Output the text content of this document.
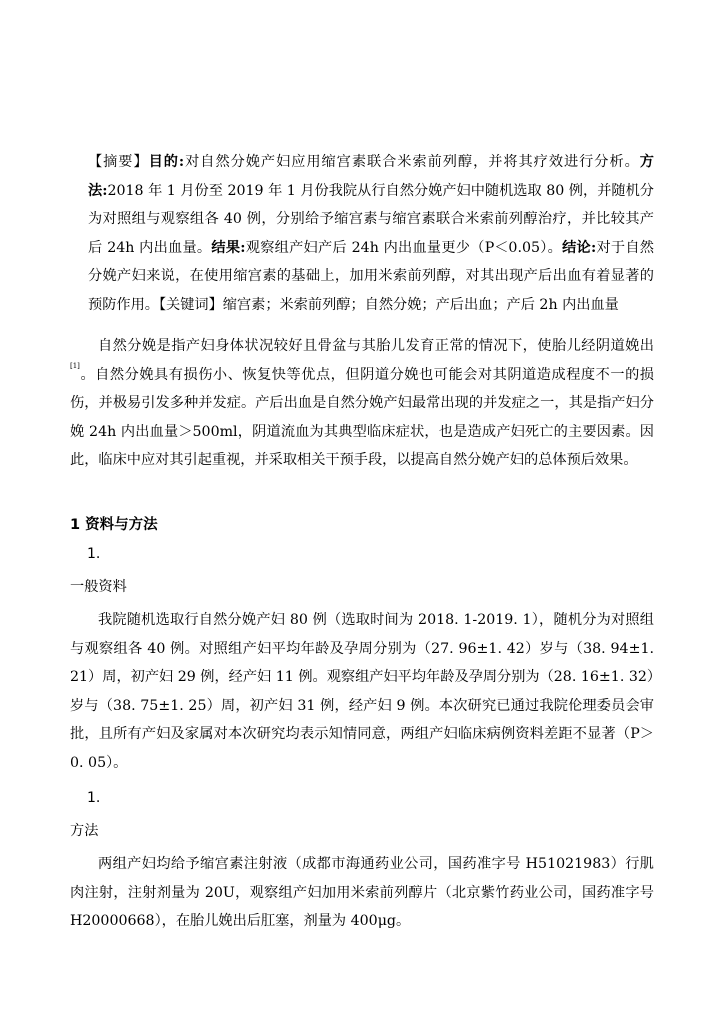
【摘要】目的:对自然分娩产妇应用缩宫素联合米索前列醇，并将其疗效进行分析。方法:2018 年 1 月份至 2019 年 1 月份我院从行自然分娩产妇中随机选取 80 例，并随机分为对照组与观察组各 40 例，分别给予缩宫素与缩宫素联合米索前列醇治疗，并比较其产后 24h 内出血量。结果:观察组产妇产后 24h 内出血量更少（P＜0.05）。结论:对于自然分娩产妇来说，在使用缩宫素的基础上，加用米索前列醇，对其出现产后出血有着显著的预防作用。【关键词】缩宫素；米索前列醇；自然分娩；产后出血；产后 2h 内出血量
自然分娩是指产妇身体状况较好且骨盆与其胎儿发育正常的情况下，使胎儿经阴道娩出[1]。自然分娩具有损伤小、恢复快等优点，但阴道分娩也可能会对其阴道造成程度不一的损伤，并极易引发多种并发症。产后出血是自然分娩产妇最常出现的并发症之一，其是指产妇分娩 24h 内出血量＞500ml，阴道流血为其典型临床症状，也是造成产妇死亡的主要因素。因此，临床中应对其引起重视，并采取相关干预手段，以提高自然分娩产妇的总体预后效果。
1 资料与方法
1.
一般资料
我院随机选取行自然分娩产妇 80 例（选取时间为 2018. 1-2019. 1），随机分为对照组与观察组各 40 例。对照组产妇平均年龄及孕周分别为（27. 96±1. 42）岁与（38. 94±1. 21）周，初产妇 29 例，经产妇 11 例。观察组产妇平均年龄及孕周分别为（28. 16±1. 32）岁与（38. 75±1. 25）周，初产妇 31 例，经产妇 9 例。本次研究已通过我院伦理委员会审批，且所有产妇及家属对本次研究均表示知情同意，两组产妇临床病例资料差距不显著（P＞0. 05）。
1.
方法
两组产妇均给予缩宫素注射液（成都市海通药业公司，国药准字号 H51021983）行肌肉注射，注射剂量为 20U，观察组产妇加用米索前列醇片（北京紫竹药业公司，国药准字号 H20000668），在胎儿娩出后肛塞，剂量为 400μg。
